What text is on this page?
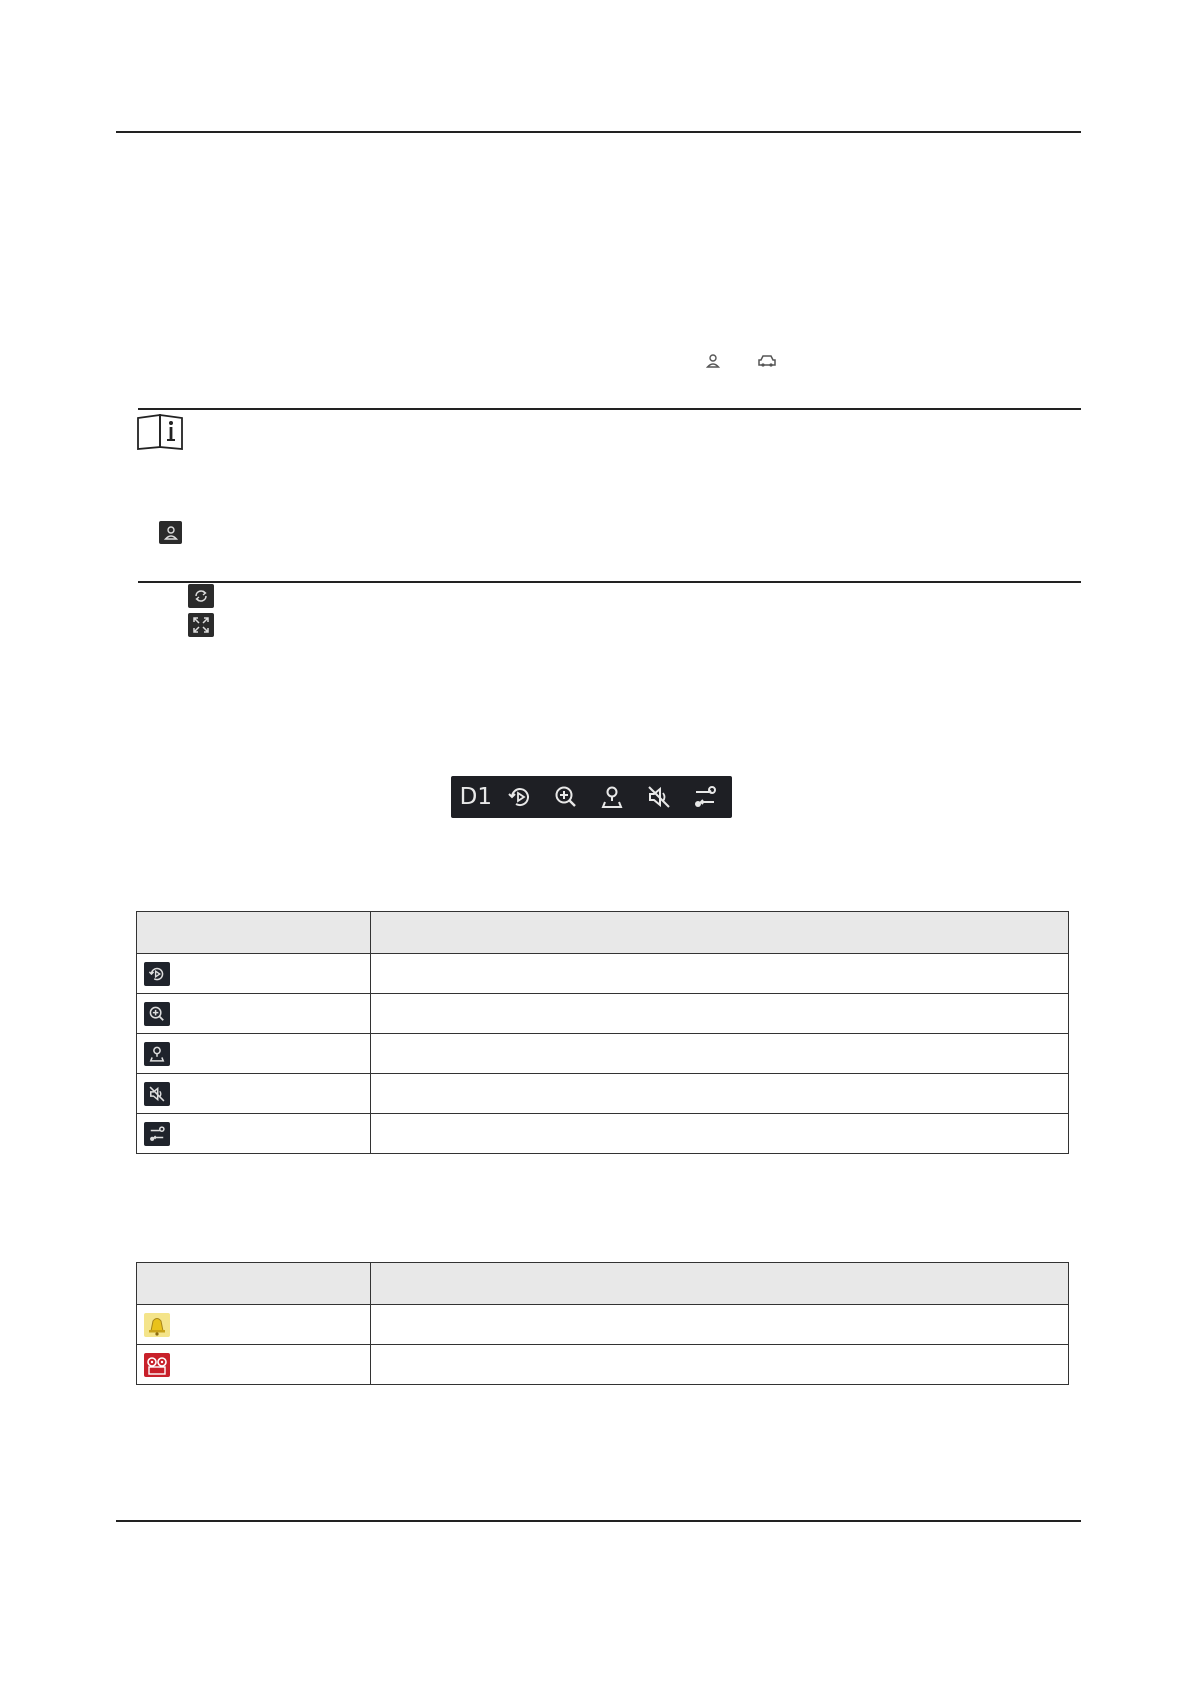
D1
